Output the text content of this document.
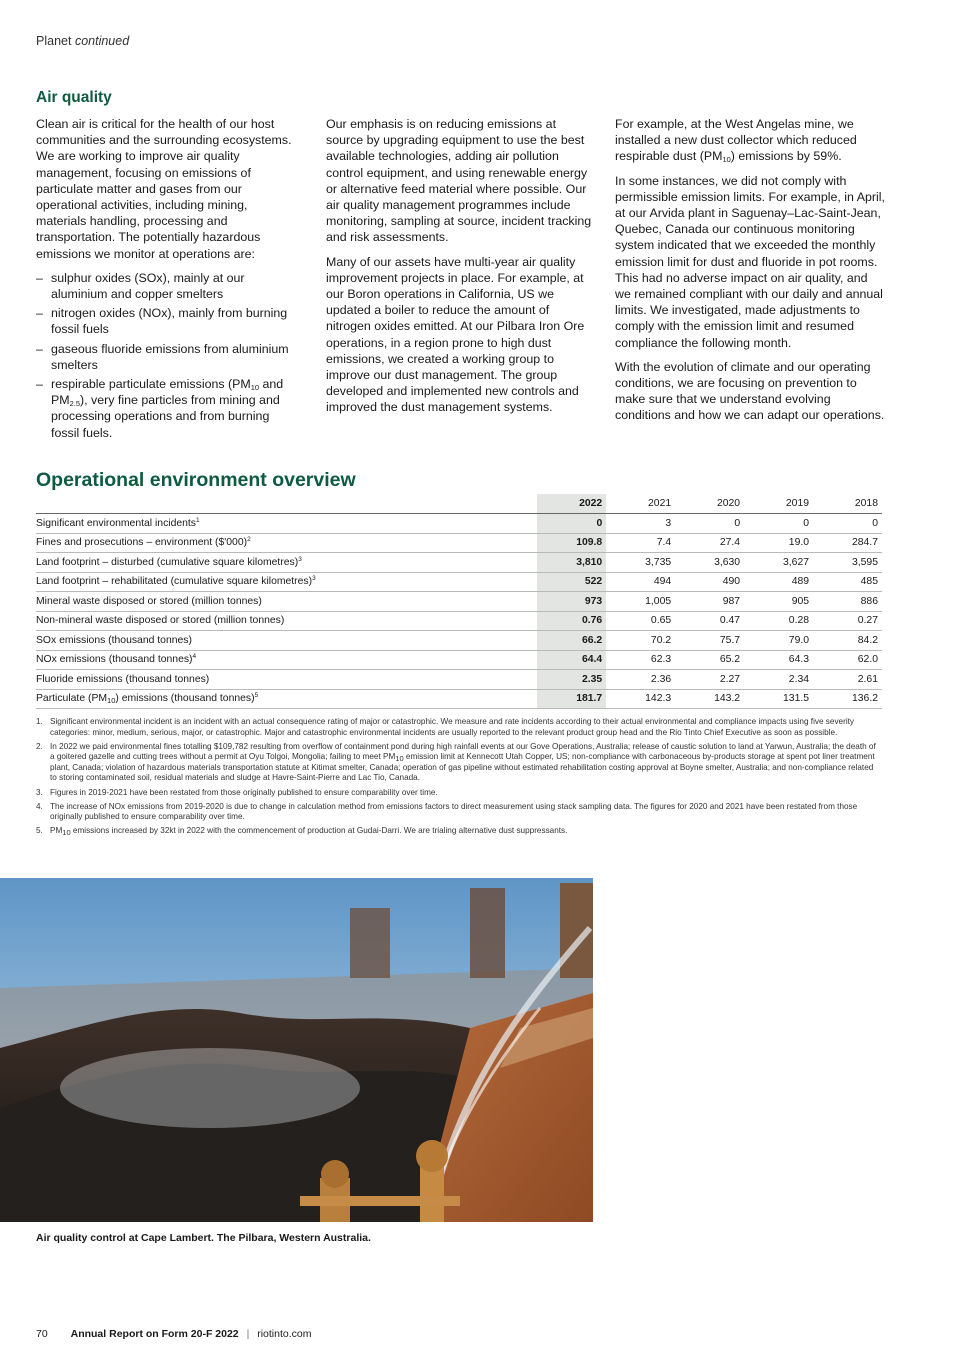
Planet continued
Air quality

Clean air is critical for the health of our host communities and the surrounding ecosystems. We are working to improve air quality management, focusing on emissions of particulate matter and gases from our operational activities, including mining, materials handling, processing and transportation. The potentially hazardous emissions we monitor at operations are:

– sulphur oxides (SOx), mainly at our aluminium and copper smelters
– nitrogen oxides (NOx), mainly from burning fossil fuels
– gaseous fluoride emissions from aluminium smelters
– respirable particulate emissions ($PM_{10}$ and $PM_{2.5}$), very fine particles from mining and processing operations and from burning fossil fuels.

Our emphasis is on reducing emissions at source by upgrading equipment to use the best available technologies, adding air pollution control equipment, and using renewable energy or alternative feed material where possible. Our air quality management programmes include monitoring, sampling at source, incident tracking and risk assessments.

Many of our assets have multi-year air quality improvement projects in place. For example, at our Boron operations in California, US we updated a boiler to reduce the amount of nitrogen oxides emitted. At our Pilbara Iron Ore operations, in a region prone to high dust emissions, we created a working group to improve our dust management. The group developed and implemented new controls and improved the dust management systems.

For example, at the West Angelas mine, we installed a new dust collector which reduced respirable dust $(PM_{10})$ emissions by 59%.

In some instances, we did not comply with permissible emission limits. For example, in April, at our Arvida plant in Saguenay–Lac-Saint-Jean, Quebec, Canada our continuous monitoring system indicated that we exceeded the monthly emission limit for dust and fluoride in pot rooms. This had no adverse impact on air quality, and we remained compliant with our daily and annual limits. We investigated, made adjustments to comply with the emission limit and resumed compliance the following month.

With the evolution of climate and our operating conditions, we are focusing on prevention to make sure that we understand evolving conditions and how we can adapt our operations.

Operational environment overview
	2022	2021	2020	2019	2018
Significant environmental incidents$^1$	0	3	0	0	0
Fines and prosecutions – environment ($'000)$^2$	109.8	7.4	27.4	19.0	284.7
Land footprint – disturbed (cumulative square kilometres)$^3$	3,810	3,735	3,630	3,627	3,595
Land footprint – rehabilitated (cumulative square kilometres)$^3$	522	494	490	489	485
Mineral waste disposed or stored (million tonnes)	973	1,005	987	905	886
Non-mineral waste disposed or stored (million tonnes)	0.76	0.65	0.47	0.28	0.27
SOx emissions (thousand tonnes)	66.2	70.2	75.7	79.0	84.2
NOx emissions (thousand tonnes)$^4$	64.4	62.3	65.2	64.3	62.0
Fluoride emissions (thousand tonnes)	2.35	2.36	2.27	2.34	2.61
Particulate $(PM_{10})$ emissions (thousand tonnes)$^5$	181.7	142.3	143.2	131.5	136.2
1. Significant environmental incident is an incident with an actual consequence rating of major or catastrophic. We measure and rate incidents according to their actual environmental and compliance impacts using five severity categories: minor, medium, serious, major, or catastrophic. Major and catastrophic environmental incidents are usually reported to the relevant product group head and the Rio Tinto Chief Executive as soon as possible.
2. In 2022 we paid environmental fines totalling $109,782 resulting from overflow of containment pond during high rainfall events at our Gove Operations, Australia; release of caustic solution to land at Yarwun, Australia; the death of a goitered gazelle and cutting trees without a permit at Oyu Tolgoi, Mongolia; failing to meet $PM_{10}$ emission limit at Kennecott Utah Copper, US; non-compliance with carbonaceous by-products storage at spent pot liner treatment plant, Canada; violation of hazardous materials transportation statute at Kitimat smelter, Canada; operation of gas pipeline without estimated rehabilitation costing approval at Boyne smelter, Australia; and non-compliance related to storing contaminated soil, residual materials and sludge at Havre-Saint-Pierre and Lac Tio, Canada.
3. Figures in 2019-2021 have been restated from those originally published to ensure comparability over time.
4. The increase of NOx emissions from 2019-2020 is due to change in calculation method from emissions factors to direct measurement using stack sampling data. The figures for 2020 and 2021 have been restated from those originally published to ensure comparability over time.
5. $PM_{10}$ emissions increased by 32kt in 2022 with the commencement of production at Gudai-Darri. We are trialing alternative dust suppressants.
Air quality control at Cape Lambert. The Pilbara, Western Australia.
70 Annual Report on Form 20-F 2022 | riotinto.com
